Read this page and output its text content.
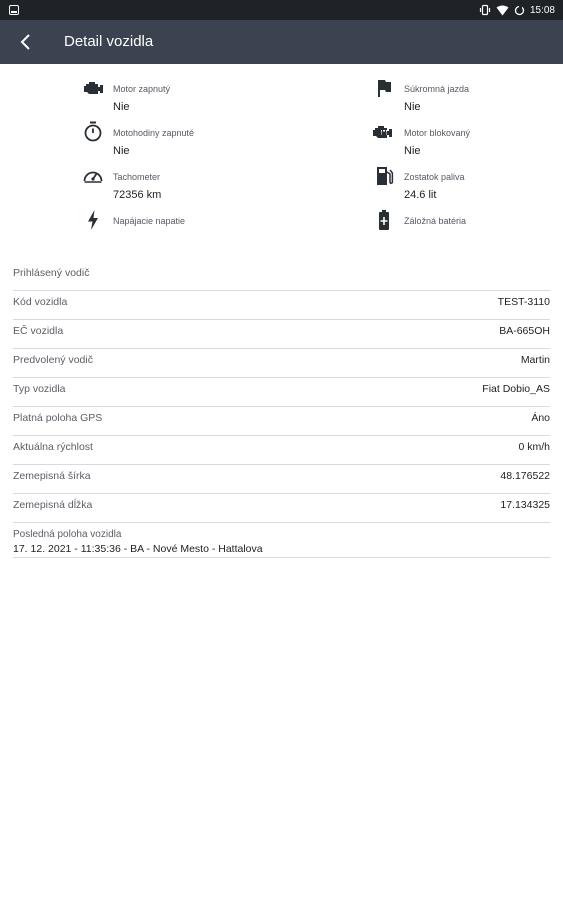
15:08
Detail vozidla
Motor zapnutý
Nie
Súkromná jazda
Nie
Motohodiny zapnuté
Nie
Motor blokovaný
Nie
Tachometer
72356 km
Zostatok paliva
24.6 lit
Napájacie napatie	Záložná batéria
Prihlásený vodič
Kód vozidla	TEST-3110
EČ vozidla	BA-665OH
Predvolený vodič	Martin
Typ vozidla	Fiat Dobio_AS
Platná poloha GPS	Áno
Aktuálna rýchlost	0 km/h
Zemepisná šírka	48.176522
Zemepisná dĺžka	17.134325
Posledná poloha vozidla
17. 12. 2021 - 11:35:36 - BA - Nové Mesto - Hattalova
